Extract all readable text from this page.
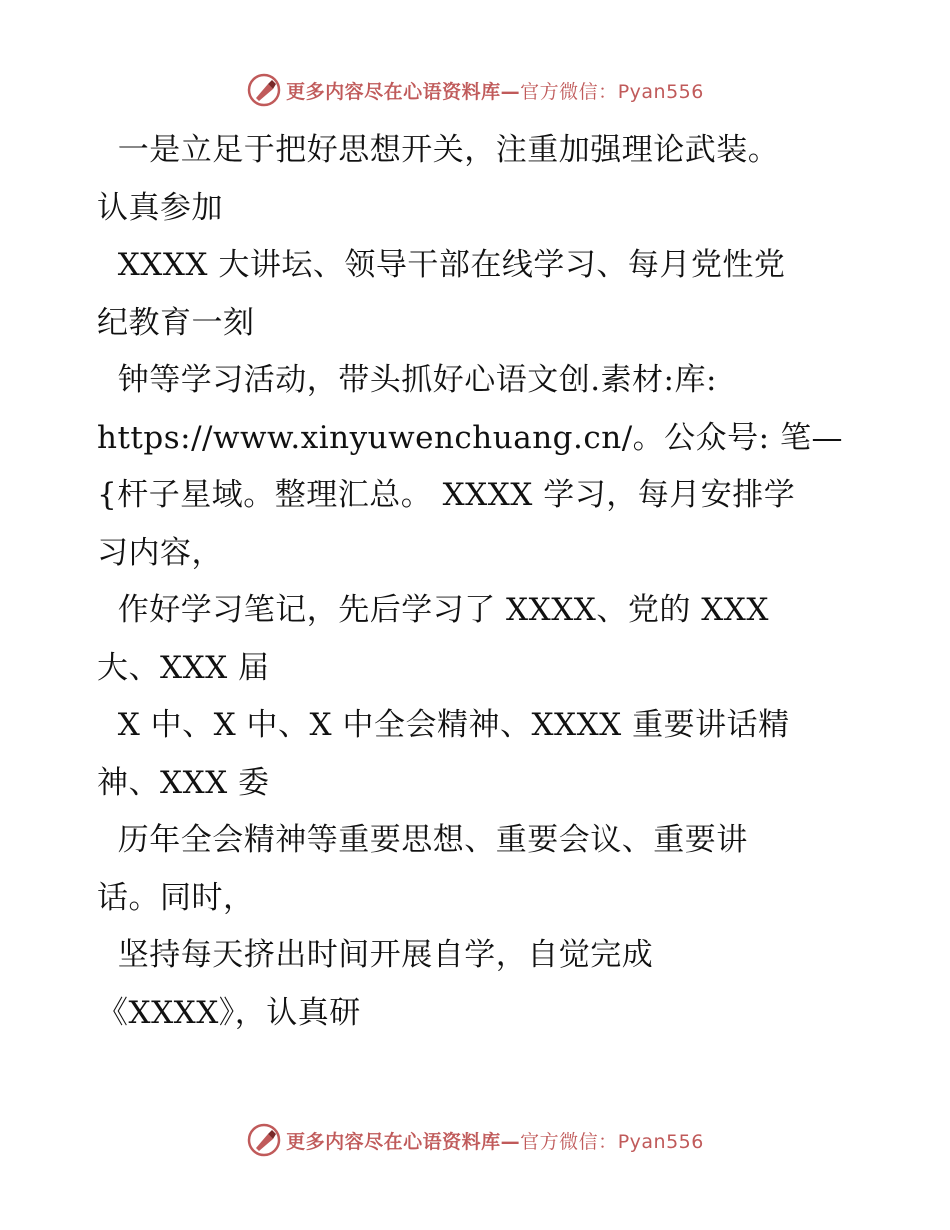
更多内容尽在心语资料库—官方微信：Pyan556
一是立足于把好思想开关，注重加强理论武装。
认真参加
XXXX 大讲坛、领导干部在线学习、每月党性党
纪教育一刻
钟等学习活动，带头抓好心语文创.素材:库:
https://www.xinyuwenchuang.cn/。公众号: 笔—
{杆子星域。整理汇总。 XXXX 学习，每月安排学
习内容，
作好学习笔记，先后学习了 XXXX、党的 XXX
大、XXX 届
X 中、X 中、X 中全会精神、XXXX 重要讲话精
神、XXX 委
历年全会精神等重要思想、重要会议、重要讲
话。同时，
坚持每天挤出时间开展自学，自觉完成
《XXXX》，认真研
更多内容尽在心语资料库—官方微信：Pyan556
